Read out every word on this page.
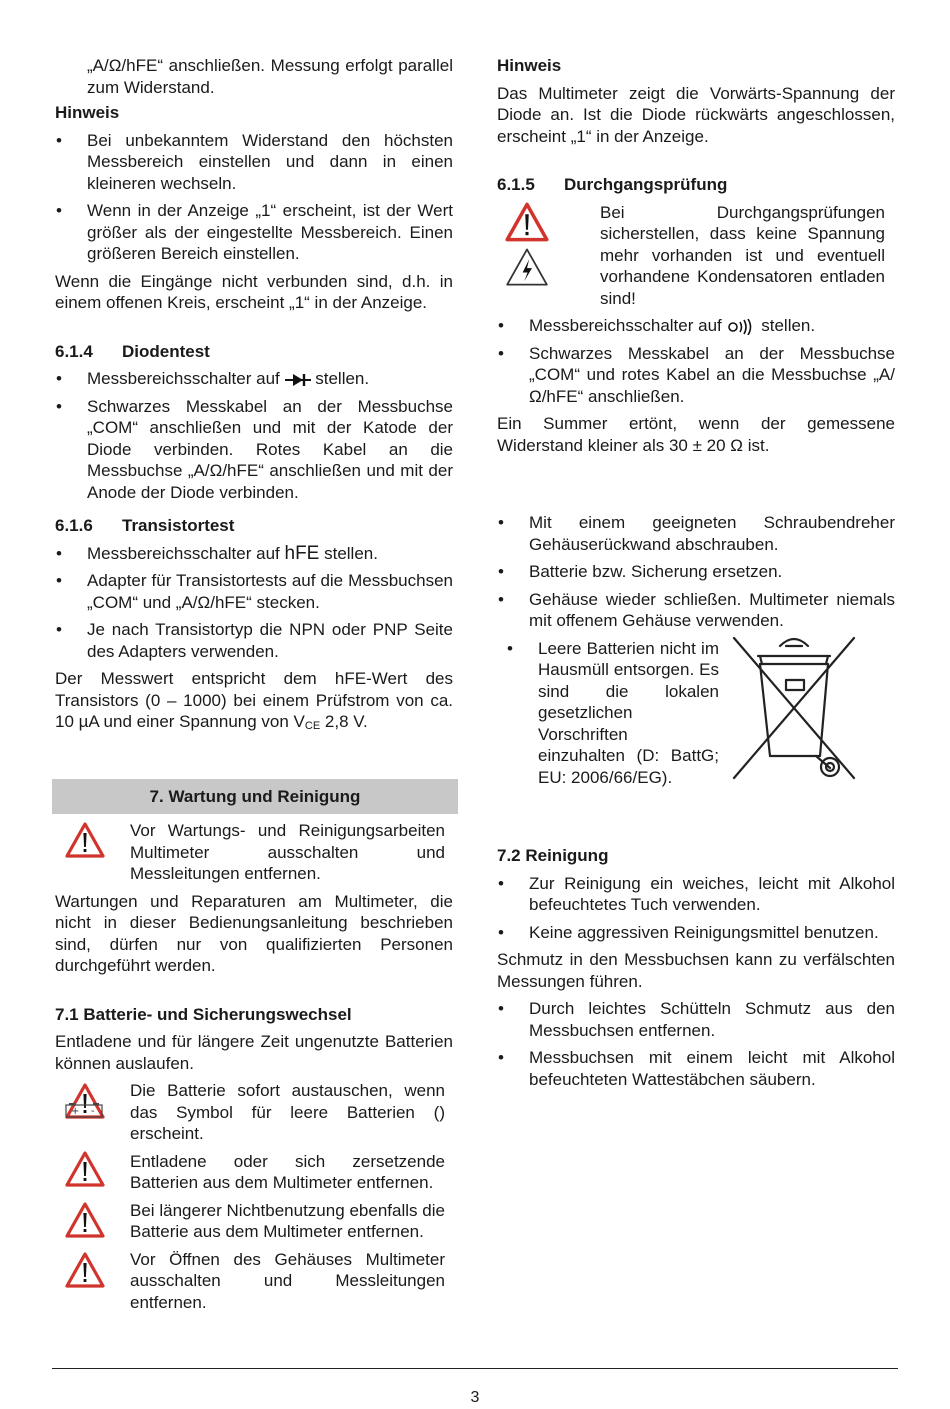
„A/Ω/hFE“ anschließen. Messung erfolgt parallel zum Widerstand.

Hinweis
• Bei unbekanntem Widerstand den höchsten Messbereich einstellen und dann in einen kleineren wechseln.
• Wenn in der Anzeige „1“ erscheint, ist der Wert größer als der eingestellte Messbereich. Einen größeren Bereich einstellen.

Wenn die Eingänge nicht verbunden sind, d.h. in einem offenen Kreis, erscheint „1“ in der Anzeige.

6.1.4 Diodentest
• Messbereichsschalter auf stellen.
• Schwarzes Messkabel an der Messbuchse „COM“ anschließen und mit der Katode der Diode verbinden. Rotes Kabel an die Messbuchse „A/Ω/hFE“ anschließen und mit der Anode der Diode verbinden.
6.1.6 Transistortest
• Messbereichsschalter auf hFE stellen.
• Adapter für Transistortests auf die Messbuchsen „COM“ und „A/Ω/hFE“ stecken.
• Je nach Transistortyp die NPN oder PNP Seite des Adapters verwenden.

Der Messwert entspricht dem hFE-Wert des Transistors (0 – 1000) bei einem Prüfstrom von ca. 10 µA und einer Spannung von $V_{CE}$ 2,8 V.

7. Wartung und Reinigung
Vor Wartungs- und Reinigungsarbeiten Multimeter ausschalten und Messleitungen entfernen.

Wartungen und Reparaturen am Multimeter, die nicht in dieser Bedienungsanleitung beschrieben sind, dürfen nur von qualifizierten Personen durchgeführt werden.

7.1 Batterie- und Sicherungswechsel

Entladene und für längere Zeit ungenutzte Batterien können auslaufen.

Die Batterie sofort austauschen, wenn das Symbol für leere Batterien (
+ -	) erscheint.
Entladene oder sich zersetzende Batterien aus dem Multimeter entfernen.
Bei längerer Nichtbenutzung ebenfalls die Batterie aus dem Multimeter entfernen.
Vor Öffnen des Gehäuses Multimeter ausschalten und Messleitungen entfernen.
Hinweis

Das Multimeter zeigt die Vorwärts-Spannung der Diode an. Ist die Diode rückwärts angeschlossen, erscheint „1“ in der Anzeige.

6.1.5 Durchgangsprüfung
Bei Durchgangsprüfungen sicherstellen, dass keine Spannung mehr vorhanden ist und eventuell vorhandene Kondensatoren entladen sind!
• Messbereichsschalter auf stellen.
• Schwarzes Messkabel an der Messbuchse „COM“ und rotes Kabel an die Messbuchse „A/Ω/hFE“ anschließen.

Ein Summer ertönt, wenn der gemessene Widerstand kleiner als 30 ± 20 Ω ist.

• Mit einem geeigneten Schraubendreher Gehäuserückwand abschrauben.
• Batterie bzw. Sicherung ersetzen.
• Gehäuse wieder schließen. Multimeter niemals mit offenem Gehäuse verwenden.
• Leere Batterien nicht im Hausmüll entsorgen. Es sind die lokalen gesetzlichen Vorschriften einzuhalten (D: BattG; EU: 2006/66/EG).
7.2 Reinigung
• Zur Reinigung ein weiches, leicht mit Alkohol befeuchtetes Tuch verwenden.
• Keine aggressiven Reinigungsmittel benutzen.

Schmutz in den Messbuchsen kann zu verfälschten Messungen führen.

• Durch leichtes Schütteln Schmutz aus den Messbuchsen entfernen.
• Messbuchsen mit einem leicht mit Alkohol befeuchteten Wattestäbchen säubern.
3
